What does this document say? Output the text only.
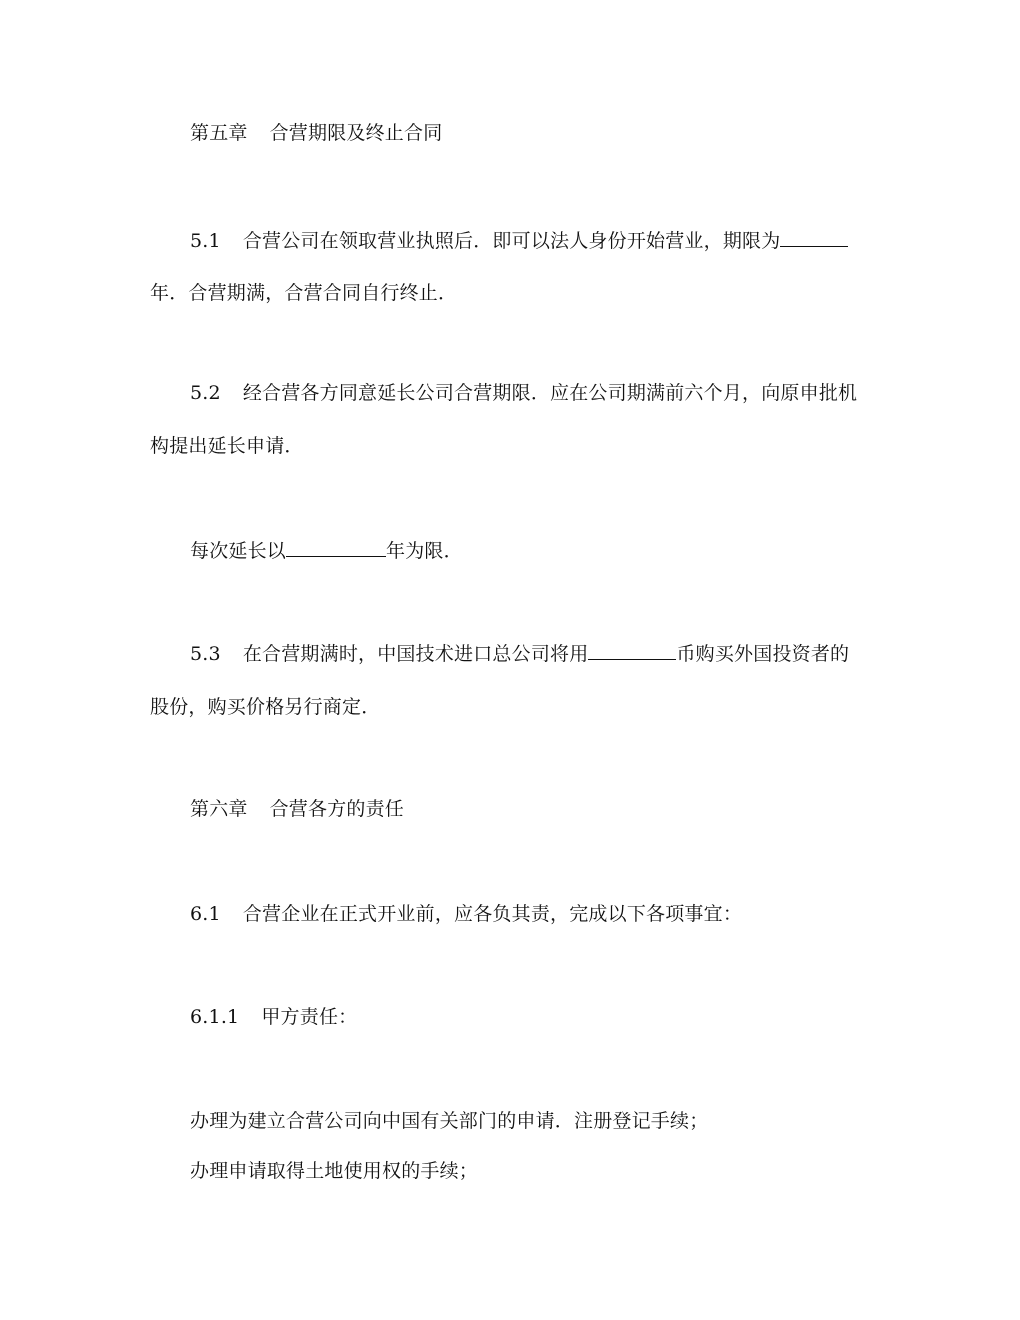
第五章 合营期限及终止合同
5.1 合营公司在领取营业执照后．即可以法人身份开始营业，期限为
年．合营期满，合营合同自行终止．
5.2 经合营各方同意延长公司合营期限．应在公司期满前六个月，向原申批机
构提出延长申请．
每次延长以	年为限．
5.3 在合营期满时，中国技术进口总公司将用	币购买外国投资者的
股份，购买价格另行商定．
第六章 合营各方的责任
6.1 合营企业在正式开业前，应各负其责，完成以下各项事宜：
6.1.1 甲方责任：
办理为建立合营公司向中国有关部门的申请．注册登记手续；
办理申请取得土地使用权的手续；
